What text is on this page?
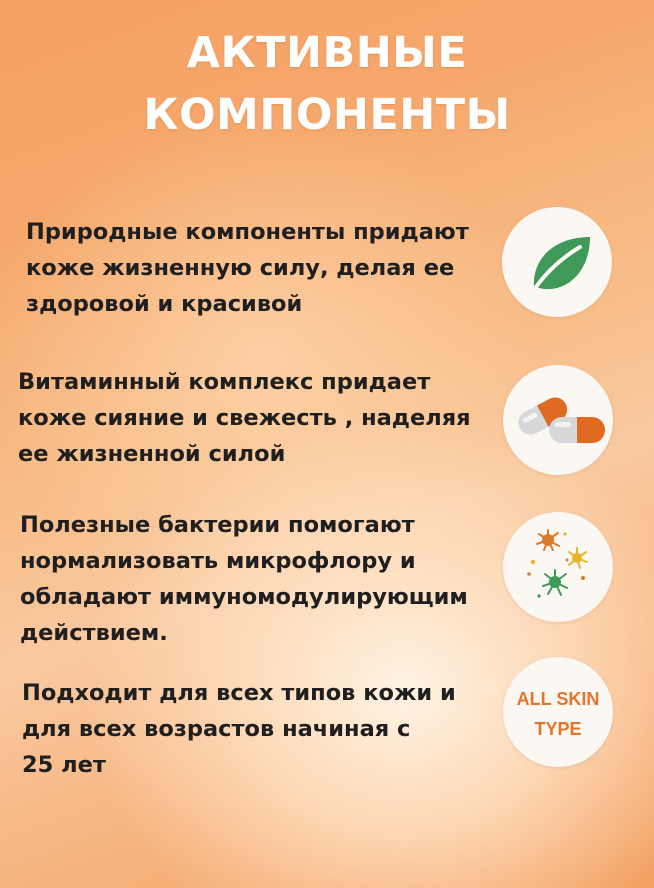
АКТИВНЫЕ
КОМПОНЕНТЫ
Природные компоненты придают
коже жизненную силу, делая ее
здоровой и красивой
Витаминный комплекс придает
коже сияние и свежесть , наделяя
ее жизненной силой
Полезные бактерии помогают
нормализовать микрофлору и
обладают иммуномодулирующим
действием.
Подходит для всех типов кожи и
для всех возрастов начиная с
25 лет
ALL SKIN
TYPE
